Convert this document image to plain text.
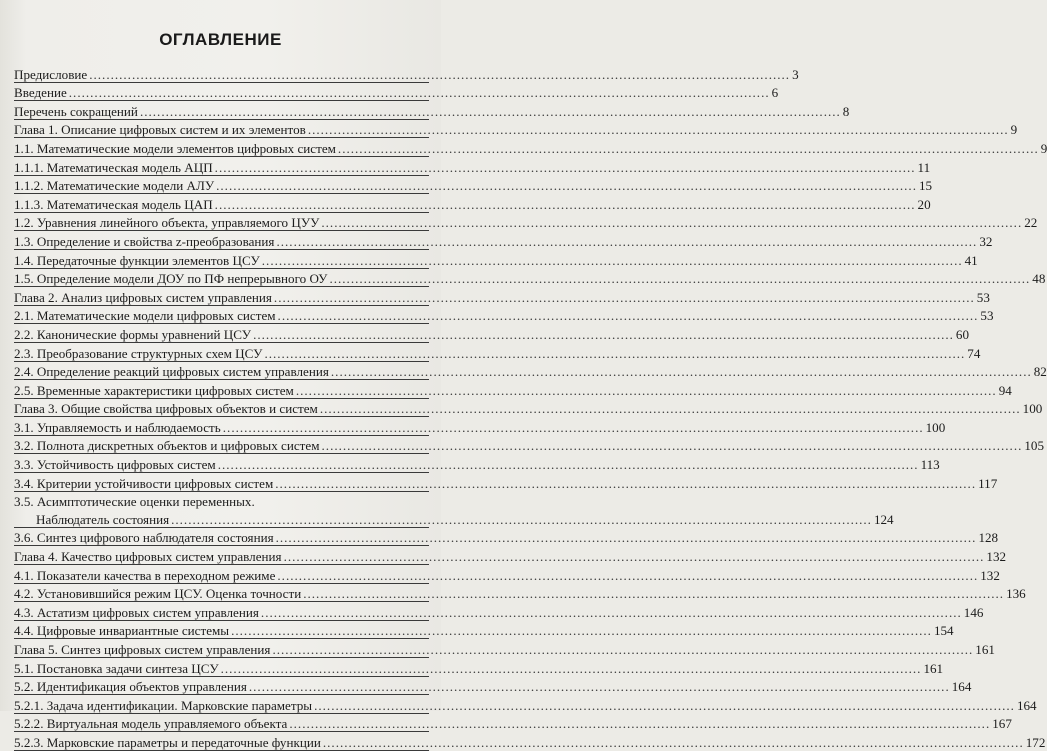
ОГЛАВЛЕНИЕ
Предисловие .....	3
Введение .....	6
Перечень сокращений .....	8
Глава 1. Описание цифровых систем и их элементов .....	9
1.1. Математические модели элементов цифровых систем .....	9
1.1.1. Математическая модель АЦП .....	11
1.1.2. Математические модели АЛУ .....	15
1.1.3. Математическая модель ЦАП .....	20
1.2. Уравнения линейного объекта, управляемого ЦУУ .....	22
1.3. Определение и свойства z-преобразования .....	32
1.4. Передаточные функции элементов ЦСУ .....	41
1.5. Определение модели ДОУ по ПФ непрерывного ОУ .....	48
Глава 2. Анализ цифровых систем управления .....	53
2.1. Математические модели цифровых систем .....	53
2.2. Канонические формы уравнений ЦСУ .....	60
2.3. Преобразование структурных схем ЦСУ .....	74
2.4. Определение реакций цифровых систем управления .....	82
2.5. Временные характеристики цифровых систем .....	94
Глава 3. Общие свойства цифровых объектов и систем .....	100
3.1. Управляемость и наблюдаемость .....	100
3.2. Полнота дискретных объектов и цифровых систем .....	105
3.3. Устойчивость цифровых систем .....	113
3.4. Критерии устойчивости цифровых систем .....	117
3.5. Асимптотические оценки переменных.
Наблюдатель состояния .....	124
3.6. Синтез цифрового наблюдателя состояния .....	128
Глава 4. Качество цифровых систем управления .....	132
4.1. Показатели качества в переходном режиме .....	132
4.2. Установившийся режим ЦСУ. Оценка точности .....	136
4.3. Астатизм цифровых систем управления .....	146
4.4. Цифровые инвариантные системы .....	154
Глава 5. Синтез цифровых систем управления .....	161
5.1. Постановка задачи синтеза ЦСУ .....	161
5.2. Идентификация объектов управления .....	164
5.2.1. Задача идентификации. Марковские параметры .....	164
5.2.2. Виртуальная модель управляемого объекта .....	167
5.2.3. Марковские параметры и передаточные функции .....	172
